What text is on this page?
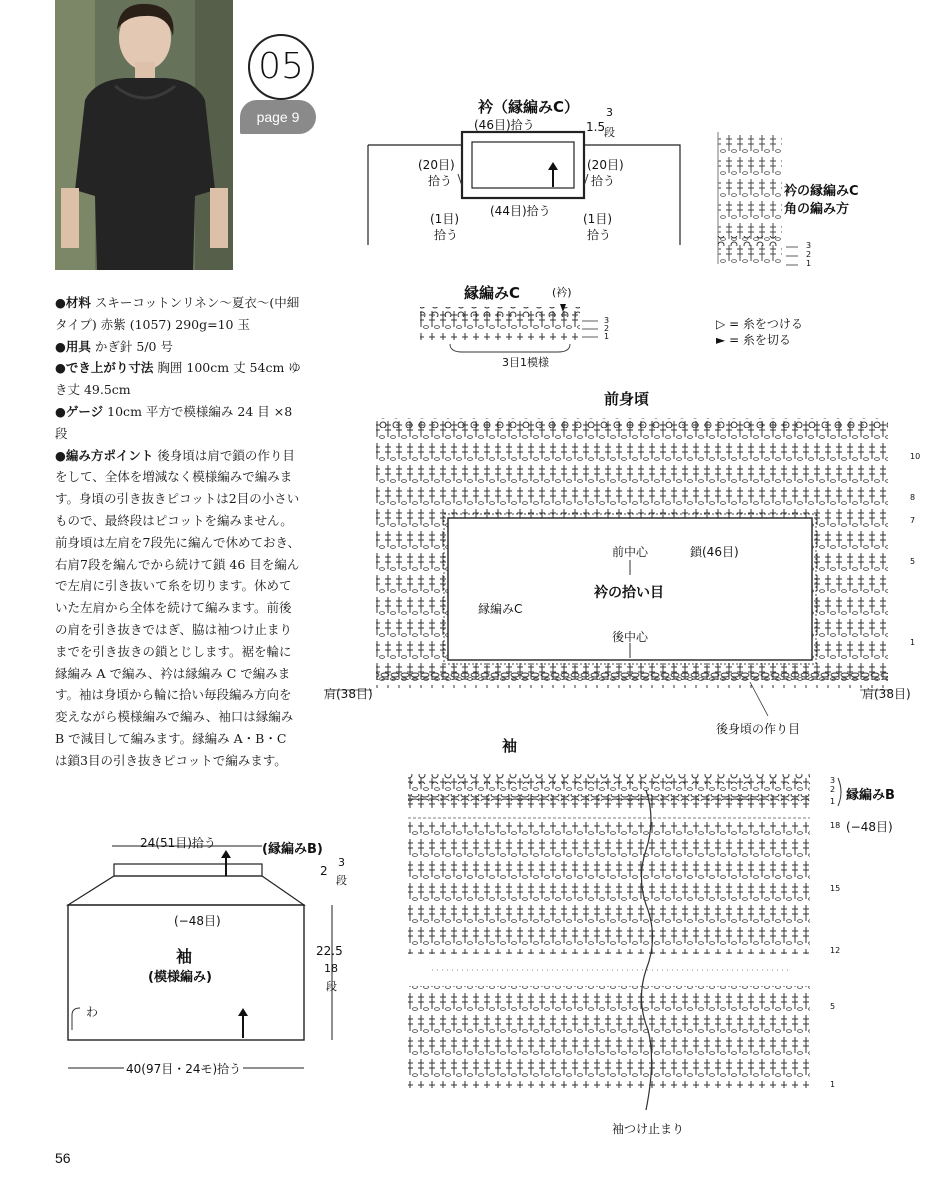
05
page 9

●材料 スキーコットンリネン〜夏衣〜(中細タイプ) 赤紫 (1057) 290g=10 玉

●用具 かぎ針 5/0 号

●でき上がり寸法 胸囲 100cm 丈 54cm ゆき丈 49.5cm

●ゲージ 10cm 平方で模様編み 24 目 ×8 段

●編み方ポイント 後身頃は肩で鎖の作り目をして、全体を増減なく模様編みで編みます。身頃の引き抜きピコットは2目の小さいもので、最終段はピコットを編みません。前身頃は左肩を7段先に編んで休めておき、右肩7段を編んでから続けて鎖 46 目を編んで左肩に引き抜いて糸を切ります。休めていた左肩から全体を続けて編みます。前後の肩を引き抜きではぎ、脇は袖つけ止まりまでを引き抜きの鎖とじします。裾を輪に縁編み A で編み、衿は縁編み C で編みます。袖は身頃から輪に拾い毎段編み方向を変えながら模様編みで編み、袖口は縁編み B で減目して編みます。縁編み A・B・C は鎖3目の引き抜きピコットで編みます。

衿（縁編みC）
(46目)拾う	1.5
3
段
(20目)
拾う
(20目)
拾う
(44目)拾う
(1目)
拾う
(1目)
拾う
衿の縁編みC
角の編み方
3
2
1
縁編みC	(衿)
3目1模様
3
2
1
▷ = 糸をつける
► = 糸を切る
前身頃
前中心	鎖(46目)
衿の拾い目
縁編みC
後中心
肩(38目)	肩(38目)
後身頃の作り目
10
8
7
5
1
袖
縁編みB
(−48目)
3
2
1
18
15
12
5
1
袖つけ止まり
24(51目)拾う	(縁編みB)
2
3
段
(−48目)
袖
(模様編み)
22.5
18
段
わ
40(97目・24モ)拾う
56
